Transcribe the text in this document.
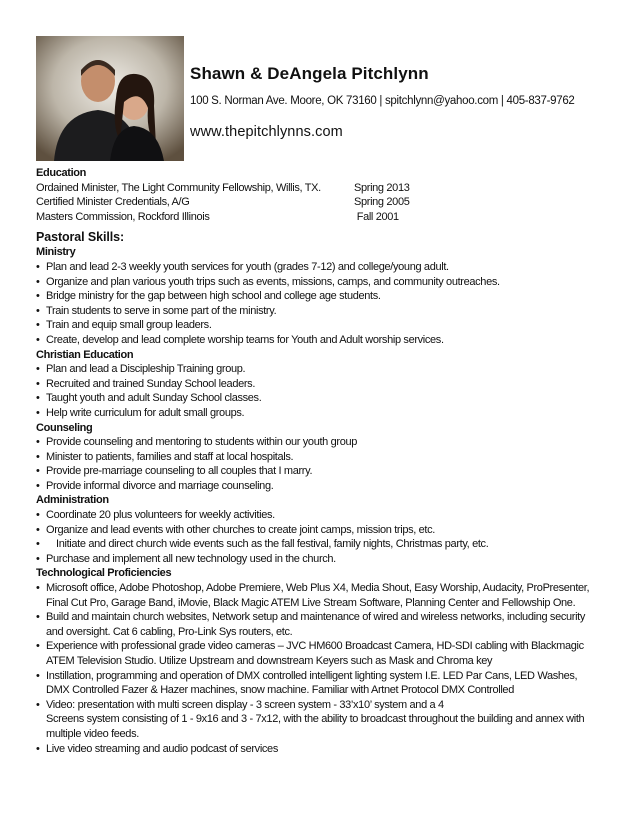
Shawn & DeAngela Pitchlynn
100 S. Norman Ave. Moore, OK 73160 | spitchlynn@yahoo.com | 405-837-9762
www.thepitchlynns.com
Education
Ordained Minister, The Light Community Fellowship, Willis, TX.	Spring 2013
Certified Minister Credentials, A/G	Spring 2005
Masters Commission, Rockford Illinois	Fall 2001
Pastoral Skills:
Ministry
• Plan and lead 2-3 weekly youth services for youth (grades 7-12) and college/young adult.
• Organize and plan various youth trips such as events, missions, camps, and community outreaches.
• Bridge ministry for the gap between high school and college age students.
• Train students to serve in some part of the ministry.
• Train and equip small group leaders.
• Create, develop and lead complete worship teams for Youth and Adult worship services.
Christian Education
• Plan and lead a Discipleship Training group.
• Recruited and trained Sunday School leaders.
• Taught youth and adult Sunday School classes.
• Help write curriculum for adult small groups.
Counseling
• Provide counseling and mentoring to students within our youth group
• Minister to patients, families and staff at local hospitals.
• Provide pre-marriage counseling to all couples that I marry.
• Provide informal divorce and marriage counseling.
Administration
• Coordinate 20 plus volunteers for weekly activities.
• Organize and lead events with other churches to create joint camps, mission trips, etc.
•	Initiate and direct church wide events such as the fall festival, family nights, Christmas party, etc.
• Purchase and implement all new technology used in the church.
Technological Proficiencies
• Microsoft office, Adobe Photoshop, Adobe Premiere, Web Plus X4, Media Shout, Easy Worship, Audacity, ProPresenter,
Final Cut Pro, Garage Band, iMovie, Black Magic ATEM Live Stream Software, Planning Center and Fellowship One.
• Build and maintain church websites, Network setup and maintenance of wired and wireless networks, including security
and oversight. Cat 6 cabling, Pro-Link Sys routers, etc.
• Experience with professional grade video cameras – JVC HM600 Broadcast Camera, HD-SDI cabling with Blackmagic
ATEM Television Studio. Utilize Upstream and downstream Keyers such as Mask and Chroma key
• Instillation, programming and operation of DMX controlled intelligent lighting system I.E. LED Par Cans, LED Washes,
DMX Controlled Fazer & Hazer machines, snow machine. Familiar with Artnet Protocol DMX Controlled
• Video: presentation with multi screen display - 3 screen system - 33’x10’ system and a 4
Screens system consisting of 1 - 9x16 and 3 - 7x12, with the ability to broadcast throughout the building and annex with
multiple video feeds.
• Live video streaming and audio podcast of services
